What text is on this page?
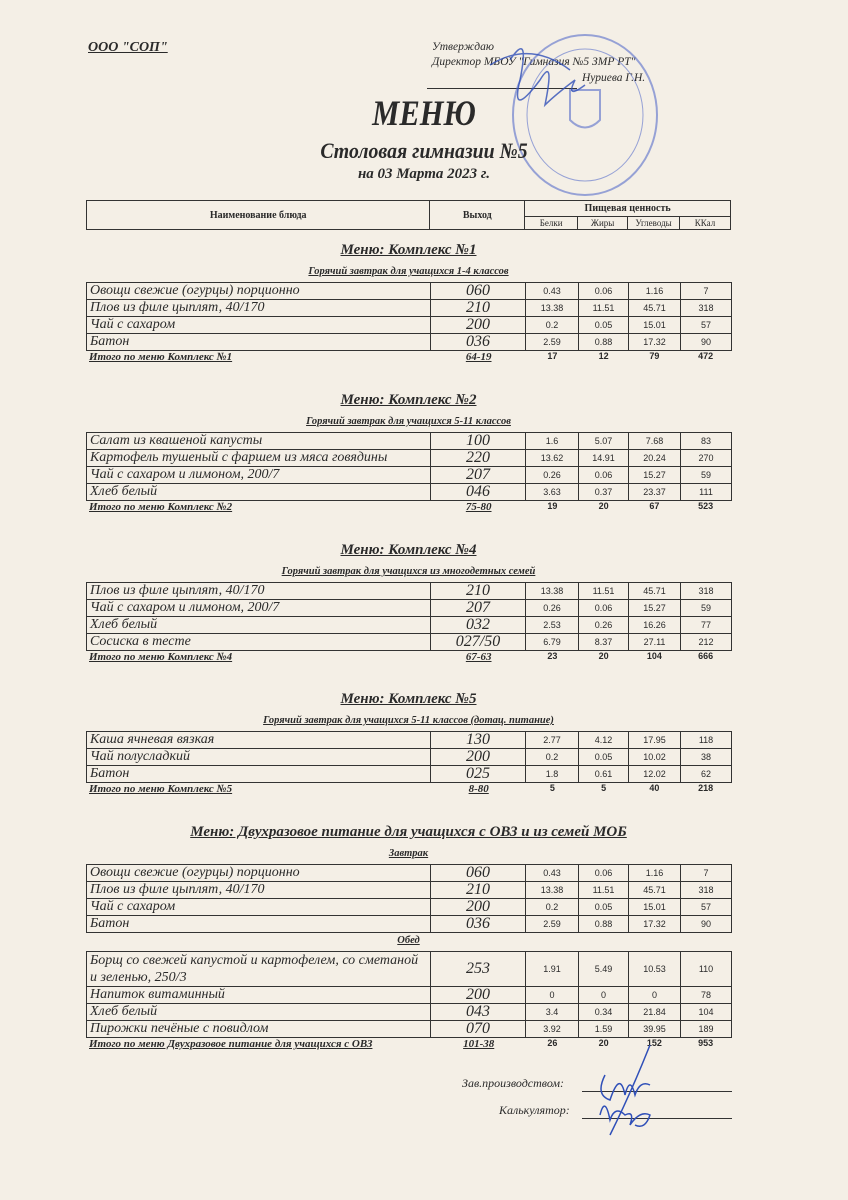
ООО "СОП"	Утверждаю
Директор МБОУ "Гимназия №5 ЗМР РТ"
Нуриева Г.Н.
МЕНЮ
Столовая гимназии №5
на 03 Марта 2023 г.
Наименование блюда	Выход	Пищевая ценность			
		Белки	Жиры	Углеводы	ККал
Меню: Комплекс №1
Горячий завтрак для учащихся 1-4 классов
Овощи свежие (огурцы) порционно	060	0.43	0.06	1.16	7
Плов из филе цыплят, 40/170	210	13.38	11.51	45.71	318
Чай с сахаром	200	0.2	0.05	15.01	57
Батон	036	2.59	0.88	17.32	90
Итого по меню Комплекс №1	64-19	17	12	79	472
Меню: Комплекс №2
Горячий завтрак для учащихся 5-11 классов
Салат из квашеной капусты	100	1.6	5.07	7.68	83
Картофель тушеный с фаршем из мяса говядины	220	13.62	14.91	20.24	270
Чай с сахаром и лимоном, 200/7	207	0.26	0.06	15.27	59
Хлеб белый	046	3.63	0.37	23.37	111
Итого по меню Комплекс №2	75-80	19	20	67	523
Меню: Комплекс №4
Горячий завтрак для учащихся из многодетных семей
Плов из филе цыплят, 40/170	210	13.38	11.51	45.71	318
Чай с сахаром и лимоном, 200/7	207	0.26	0.06	15.27	59
Хлеб белый	032	2.53	0.26	16.26	77
Сосиска в тесте	027/50	6.79	8.37	27.11	212
Итого по меню Комплекс №4	67-63	23	20	104	666
Меню: Комплекс №5
Горячий завтрак для учащихся 5-11 классов (дотац. питание)
Каша ячневая вязкая	130	2.77	4.12	17.95	118
Чай полусладкий	200	0.2	0.05	10.02	38
Батон	025	1.8	0.61	12.02	62
Итого по меню Комплекс №5	8-80	5	5	40	218
Меню: Двухразовое питание для учащихся с ОВЗ и из семей МОБ
Завтрак
Овощи свежие (огурцы) порционно	060	0.43	0.06	1.16	7
Плов из филе цыплят, 40/170	210	13.38	11.51	45.71	318
Чай с сахаром	200	0.2	0.05	15.01	57
Батон	036	2.59	0.88	17.32	90
Обед
Борщ со свежей капустой и картофелем, со сметаной и зеленью, 250/3	253	1.91	5.49	10.53	110
Напиток витаминный	200	0	0	0	78
Хлеб белый	043	3.4	0.34	21.84	104
Пирожки печёные с повидлом	070	3.92	1.59	39.95	189
Итого по меню Двухразовое питание для учащихся с ОВЗ	101-38	26	20	152	953
Зав.производством:
Калькулятор:
